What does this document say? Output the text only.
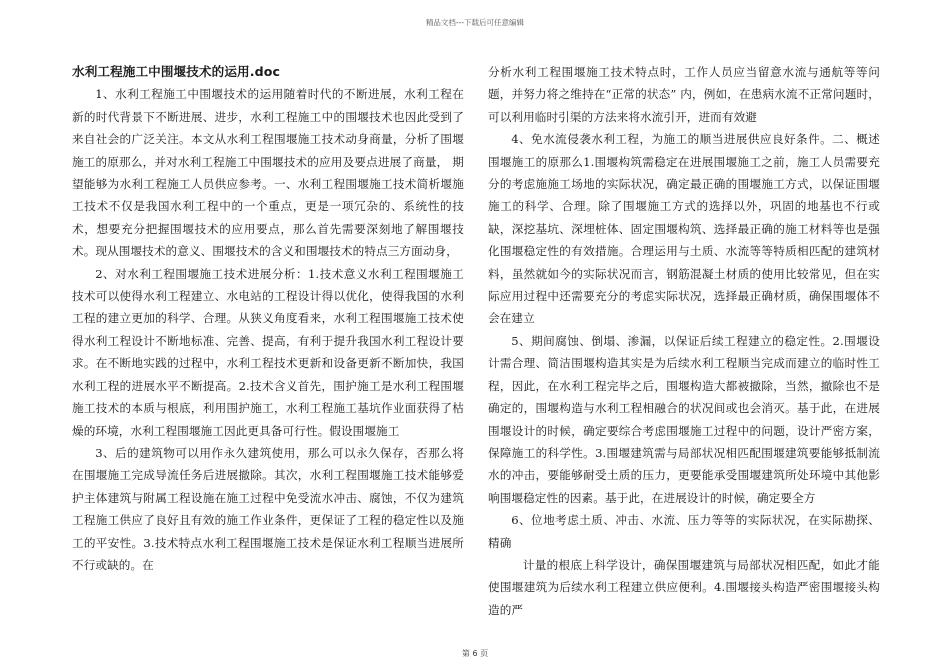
精品文档---下载后可任意编辑
水利工程施工中围堰技术的运用.doc

1、水利工程施工中围堰技术的运用随着时代的不断进展，水利工程在新的时代背景下不断进展、进步，水利工程施工中的围堰技术也因此受到了来自社会的广泛关注。本文从水利工程围堰施工技术动身商量，分析了围堰施工的原那么，并对水利工程施工中围堰技术的应用及要点进展了商量， 期望能够为水利工程施工人员供应参考。一、水利工程围堰施工技术简析堰施工技术不仅是我国水利工程中的一个重点，更是一项冗杂的、系统性的技术，想要充分把握围堰技术的应用要点，那么首先需要深刻地了解围堰技术。现从围堰技术的意义、围堰技术的含义和围堰技术的特点三方面动身，

2、对水利工程围堰施工技术进展分析：1.技术意义水利工程围堰施工技术可以使得水利工程建立、水电站的工程设计得以优化，使得我国的水利工程的建立更加的科学、合理。从狭义角度看来，水利工程围堰施工技术使得水利工程设计不断地标准、完善、提高，有利于提升我国水利工程设计要求。在不断地实践的过程中，水利工程技术更新和设备更新不断加快，我国水利工程的进展水平不断提高。2.技术含义首先，围护施工是水利工程围堰施工技术的本质与根底，利用围护施工，水利工程施工基坑作业面获得了枯燥的环境，水利工程围堰施工因此更具备可行性。假设围堰施工

3、后的建筑物可以用作永久建筑使用，那么可以永久保存，否那么将在围堰施工完成导流任务后进展撤除。其次，水利工程围堰施工技术能够爱护主体建筑与附属工程设施在施工过程中免受流水冲击、腐蚀，不仅为建筑工程施工供应了良好且有效的施工作业条件，更保证了工程的稳定性以及施工的平安性。3.技术特点水利工程围堰施工技术是保证水利工程顺当进展所不行或缺的。在

分析水利工程围堰施工技术特点时，工作人员应当留意水流与通航等等问题，并努力将之维持在“正常的状态” 内，例如，在患病水流不正常问题时，可以利用临时引渠的方法来将水流引开，进而有效避

4、免水流侵袭水利工程，为施工的顺当进展供应良好条件。二、概述围堰施工的原那么1.围堰构筑需稳定在进展围堰施工之前，施工人员需要充分的考虑施施工场地的实际状况，确定最正确的围堰施工方式，以保证围堰施工的科学、合理。除了围堰施工方式的选择以外，巩固的地基也不行或缺，深挖基坑、深埋桩体、固定围堰构筑、选择最正确的施工材料等也是强化围堰稳定性的有效措施。合理运用与土质、水流等等特质相匹配的建筑材料，虽然就如今的实际状况而言，钢筋混凝土材质的使用比较常见，但在实际应用过程中还需要充分的考虑实际状况，选择最正确材质，确保围堰体不会在建立

5、期间腐蚀、倒塌、渗漏，以保证后续工程建立的稳定性。2.围堰设计需合理、简洁围堰构造其实是为后续水利工程顺当完成而建立的临时性工程，因此，在水利工程完毕之后，围堰构造大都被撤除，当然，撤除也不是确定的，围堰构造与水利工程相融合的状况间或也会消灭。基于此，在进展围堰设计的时候，确定要综合考虑围堰施工过程中的问题，设计严密方案，保障施工的科学性。3.围堰建筑需与局部状况相匹配围堰建筑要能够抵制流水的冲击，要能够耐受土质的压力，更要能承受围堰建筑所处环境中其他影响围堰稳定性的因素。基于此，在进展设计的时候，确定要全方

6、位地考虑土质、冲击、水流、压力等等的实际状况，在实际勘探、精确

计量的根底上科学设计，确保围堰建筑与局部状况相匹配，如此才能使围堰建筑为后续水利工程建立供应便利。4.围堰接头构造严密围堰接头构造的严

第 6 页
